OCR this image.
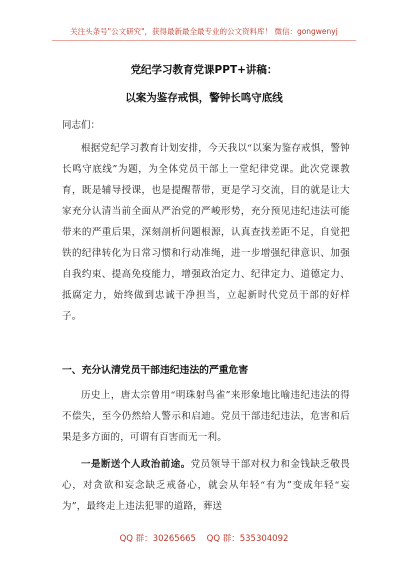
关注头条号"公文研究"，获得最新最全最专业的公文资料库！ 微信：gongwenyj
党纪学习教育党课PPT+讲稿：
以案为鉴存戒惧，警钟长鸣守底线
同志们：
根据党纪学习教育计划安排，今天我以“以案为鉴存戒惧，警钟长鸣守底线”为题，为全体党员干部上一堂纪律党课。此次党课教育，既是辅导授课，也是提醒帮带，更是学习交流，目的就是让大家充分认清当前全面从严治党的严峻形势，充分预见违纪违法可能带来的严重后果，深刻剖析问题根源，认真查找差距不足，自觉把铁的纪律转化为日常习惯和行动准绳，进一步增强纪律意识、加强自我约束、提高免疫能力，增强政治定力、纪律定力、道德定力、抵腐定力，始终做到忠诚干净担当，立起新时代党员干部的好样子。
一、充分认清党员干部违纪违法的严重危害
历史上，唐太宗曾用“明珠射鸟雀”来形象地比喻违纪违法的得不偿失，至今仍然给人警示和启迪。党员干部违纪违法，危害和后果是多方面的，可谓有百害而无一利。
一是断送个人政治前途。党员领导干部对权力和金钱缺乏敬畏心，对贪欲和妄念缺乏戒备心，就会从年轻“有为”变成年轻“妄为”，最终走上违法犯罪的道路，葬送
QQ 群：30265665 QQ 群：535304092
